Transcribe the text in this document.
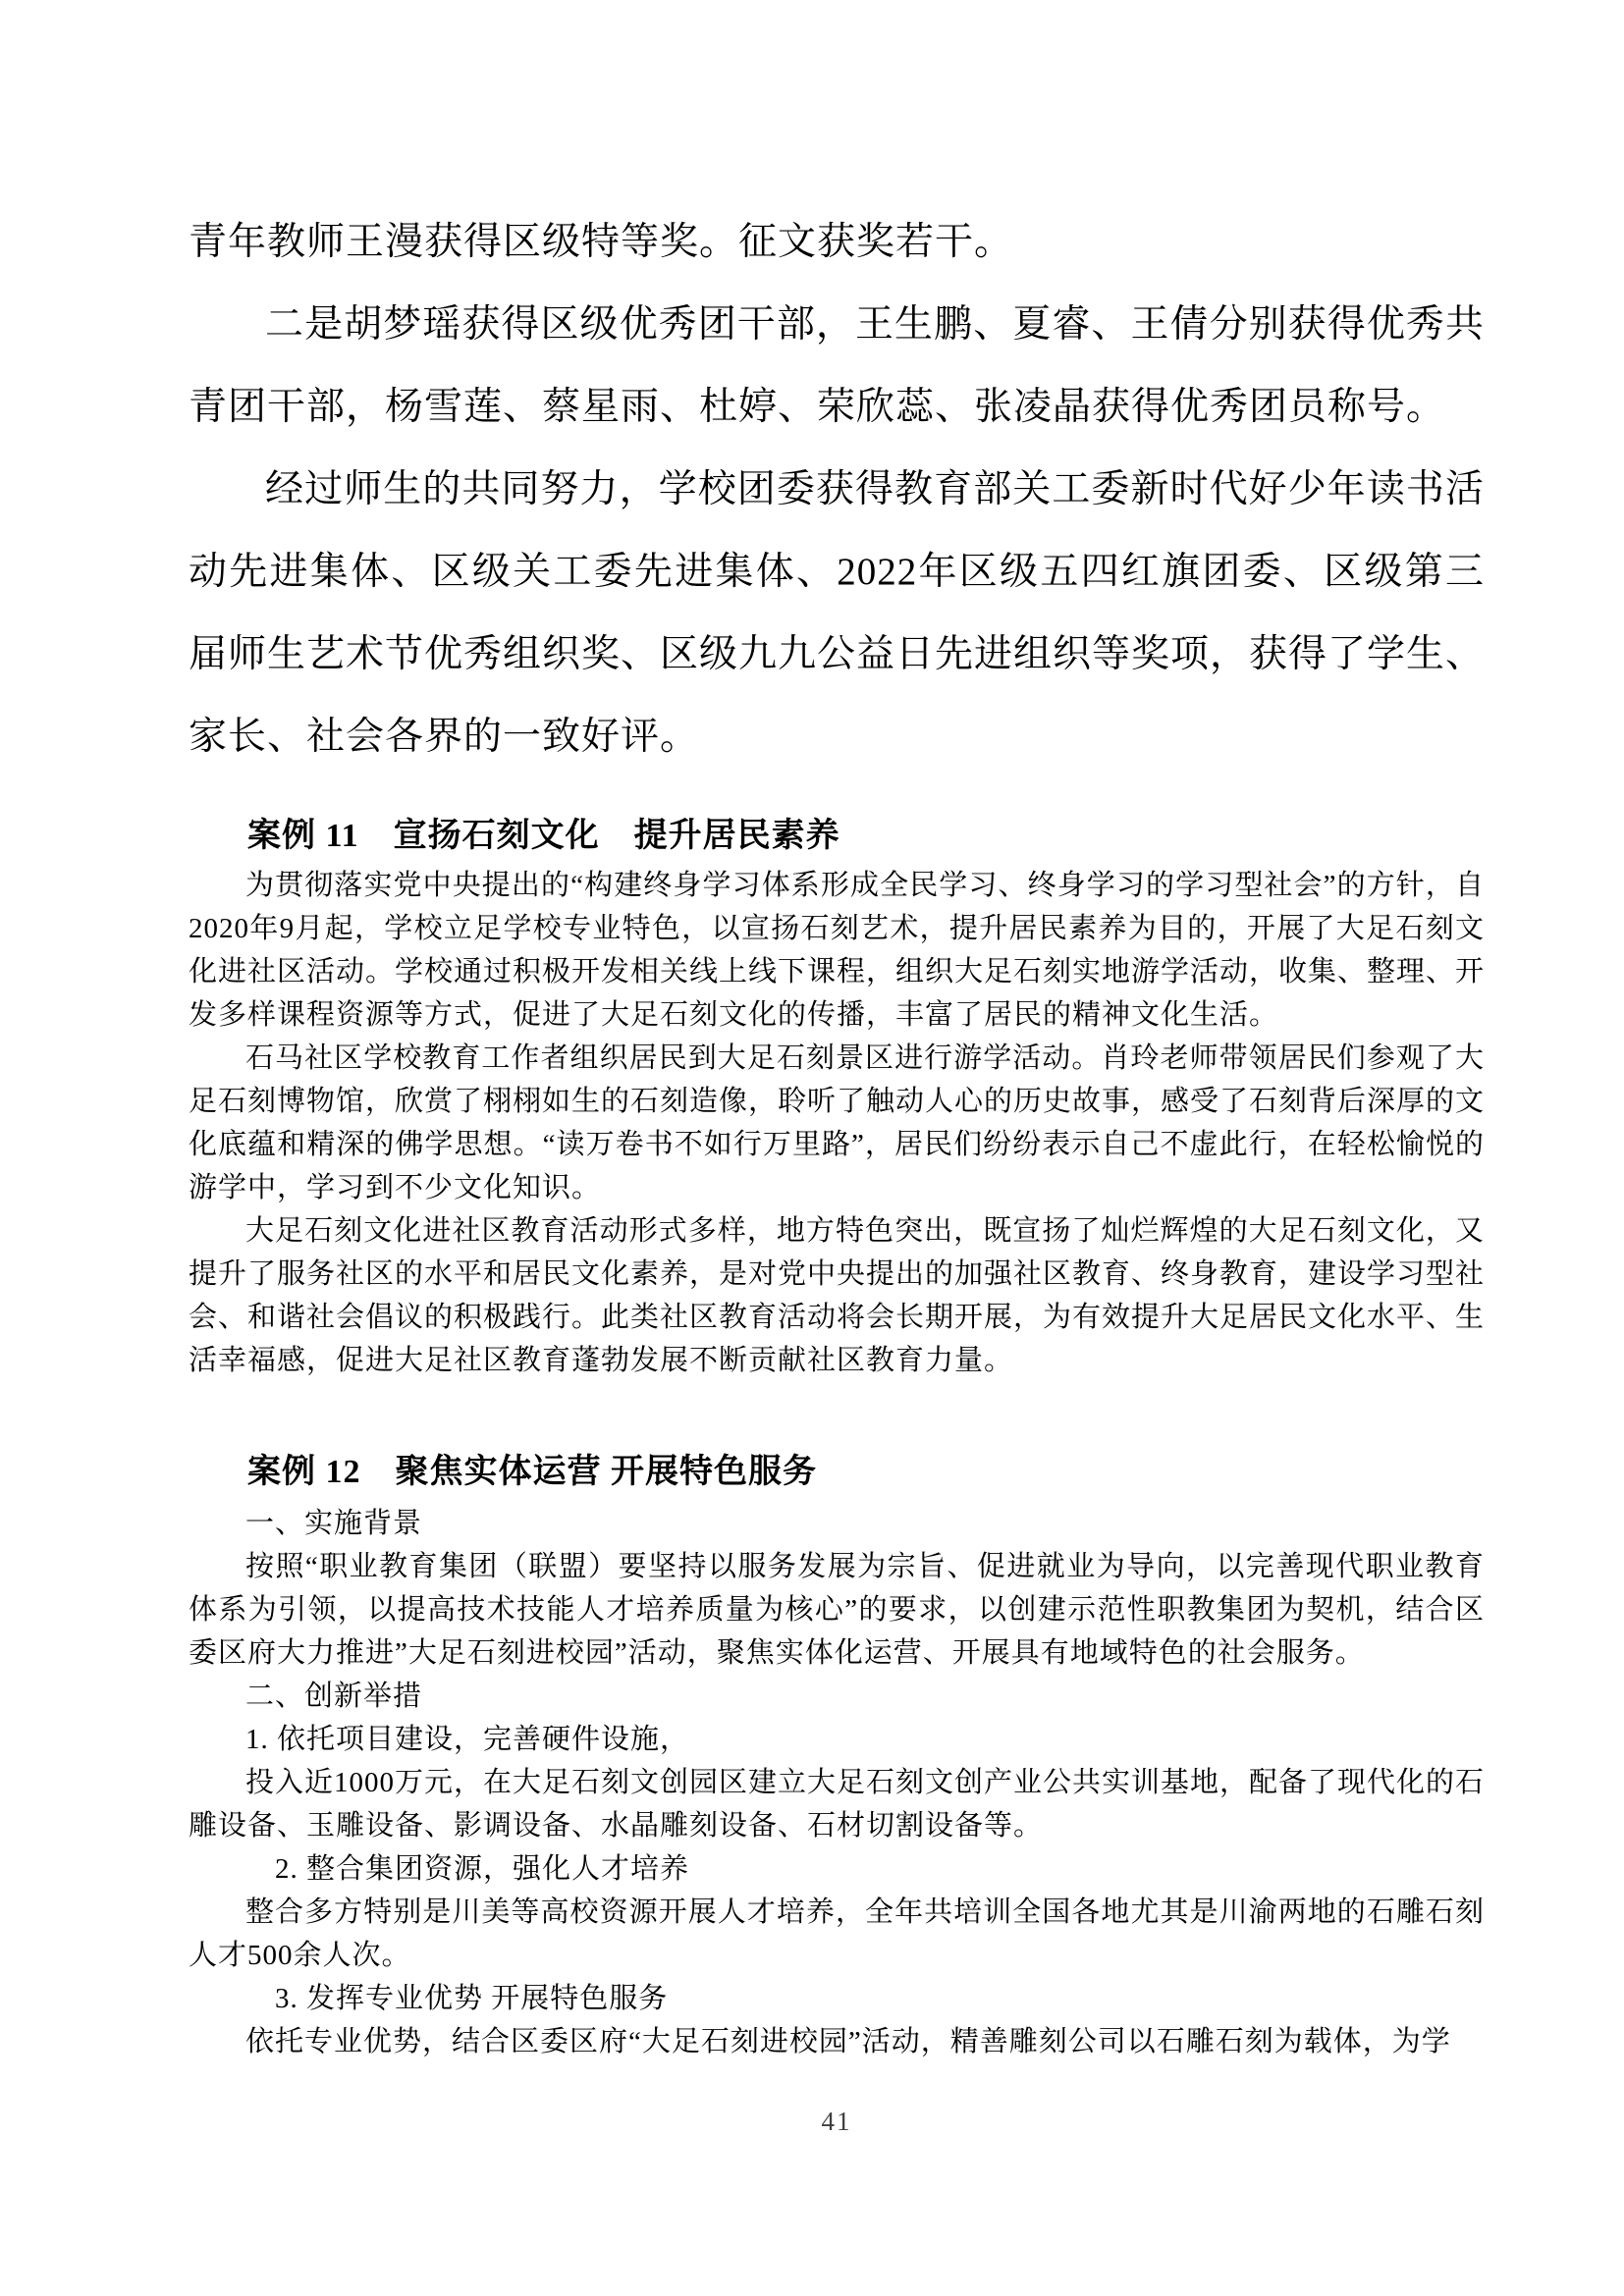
青年教师王漫获得区级特等奖。征文获奖若干。
二是胡梦瑶获得区级优秀团干部，王生鹏、夏睿、王倩分别获得优秀共青团干部，杨雪莲、蔡星雨、杜婷、荣欣蕊、张凌晶获得优秀团员称号。
经过师生的共同努力，学校团委获得教育部关工委新时代好少年读书活动先进集体、区级关工委先进集体、2022年区级五四红旗团委、区级第三届师生艺术节优秀组织奖、区级九九公益日先进组织等奖项，获得了学生、家长、社会各界的一致好评。
案例 11　宣扬石刻文化　提升居民素养
为贯彻落实党中央提出的“构建终身学习体系形成全民学习、终身学习的学习型社会”的方针，自2020年9月起，学校立足学校专业特色，以宣扬石刻艺术，提升居民素养为目的，开展了大足石刻文化进社区活动。学校通过积极开发相关线上线下课程，组织大足石刻实地游学活动，收集、整理、开发多样课程资源等方式，促进了大足石刻文化的传播，丰富了居民的精神文化生活。
石马社区学校教育工作者组织居民到大足石刻景区进行游学活动。肖玲老师带领居民们参观了大足石刻博物馆，欣赏了栩栩如生的石刻造像，聆听了触动人心的历史故事，感受了石刻背后深厚的文化底蕴和精深的佛学思想。“读万卷书不如行万里路”，居民们纷纷表示自己不虚此行，在轻松愉悦的游学中，学习到不少文化知识。
大足石刻文化进社区教育活动形式多样，地方特色突出，既宣扬了灿烂辉煌的大足石刻文化，又提升了服务社区的水平和居民文化素养，是对党中央提出的加强社区教育、终身教育，建设学习型社会、和谐社会倡议的积极践行。此类社区教育活动将会长期开展，为有效提升大足居民文化水平、生活幸福感，促进大足社区教育蓬勃发展不断贡献社区教育力量。
案例 12　聚焦实体运营 开展特色服务
一、实施背景
按照“职业教育集团（联盟）要坚持以服务发展为宗旨、促进就业为导向，以完善现代职业教育体系为引领，以提高技术技能人才培养质量为核心”的要求，以创建示范性职教集团为契机，结合区委区府大力推进”大足石刻进校园”活动，聚焦实体化运营、开展具有地域特色的社会服务。
二、创新举措
1. 依托项目建设，完善硬件设施，
投入近1000万元，在大足石刻文创园区建立大足石刻文创产业公共实训基地，配备了现代化的石雕设备、玉雕设备、影调设备、水晶雕刻设备、石材切割设备等。
　2. 整合集团资源，强化人才培养
整合多方特别是川美等高校资源开展人才培养，全年共培训全国各地尤其是川渝两地的石雕石刻人才500余人次。
　3. 发挥专业优势 开展特色服务
依托专业优势，结合区委区府“大足石刻进校园”活动，精善雕刻公司以石雕石刻为载体，为学
41
